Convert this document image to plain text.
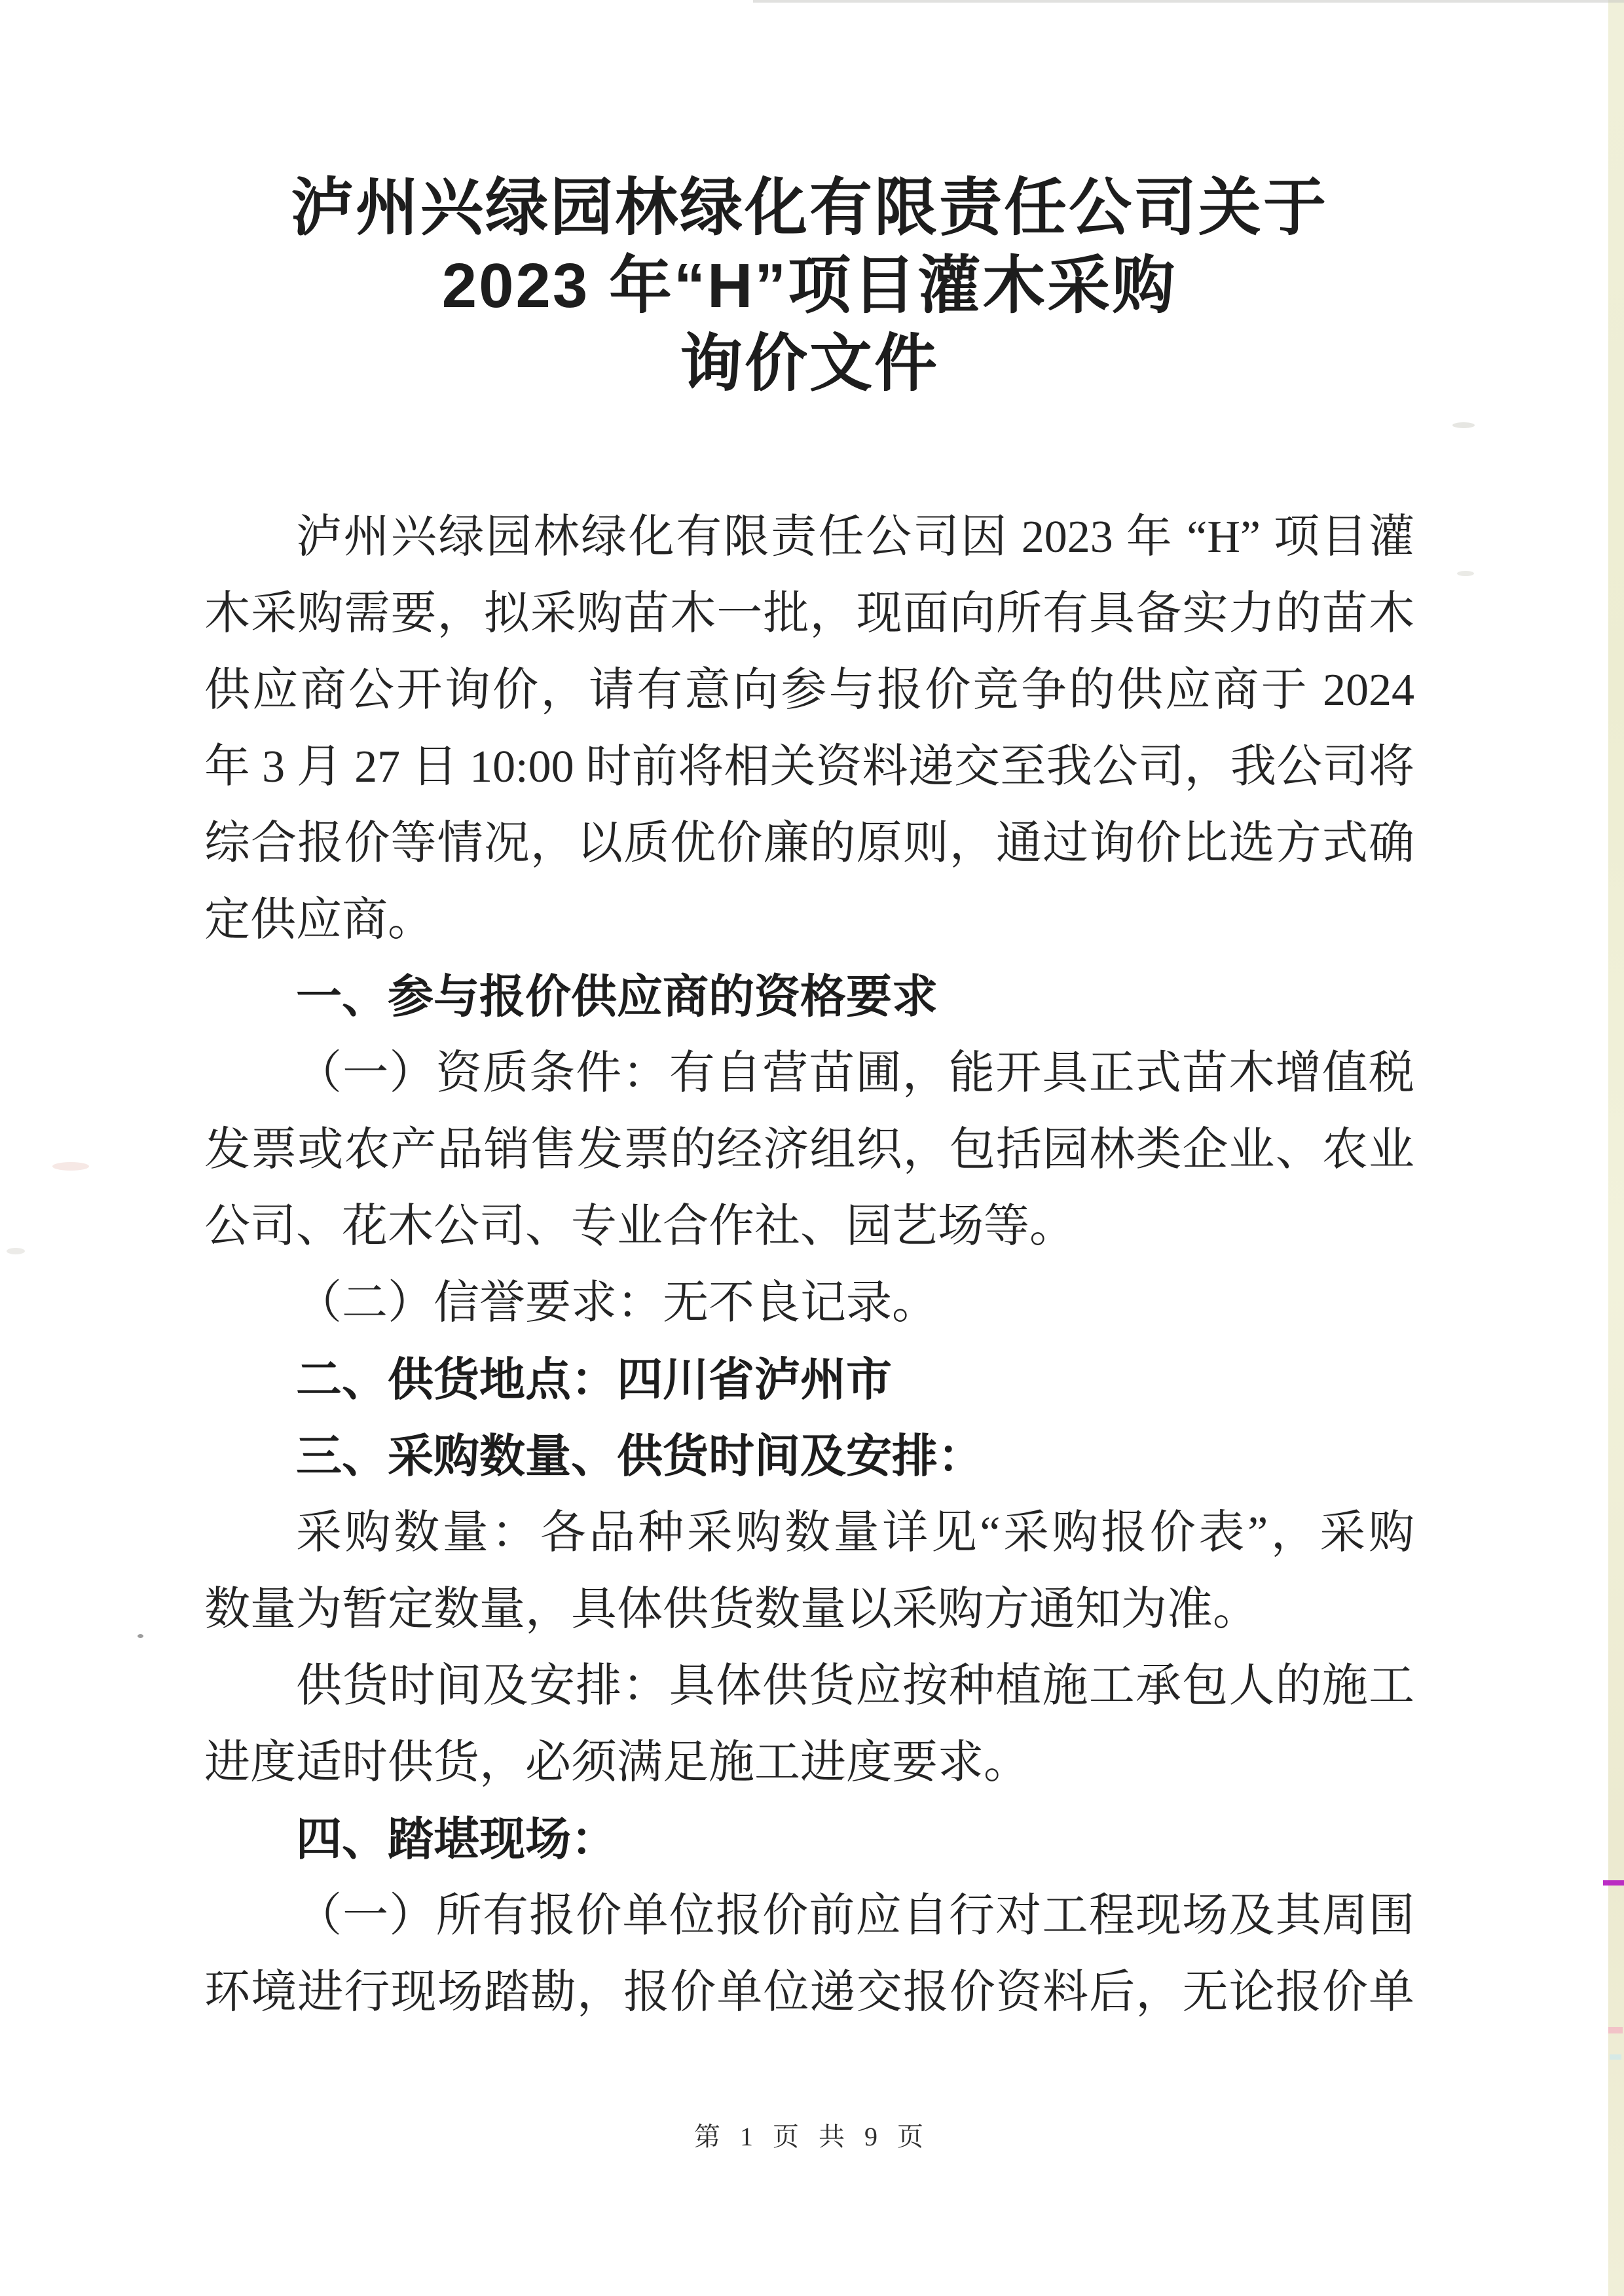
泸州兴绿园林绿化有限责任公司关于
2023 年“H”项目灌木采购
询价文件
泸州兴绿园林绿化有限责任公司因 2023 年 “H” 项目灌
木采购需要，拟采购苗木一批，现面向所有具备实力的苗木
供应商公开询价，请有意向参与报价竞争的供应商于 2024
年 3 月 27 日 10:00 时前将相关资料递交至我公司，我公司将
综合报价等情况，以质优价廉的原则，通过询价比选方式确
定供应商。
一、参与报价供应商的资格要求
（一）资质条件：有自营苗圃，能开具正式苗木增值税
发票或农产品销售发票的经济组织，包括园林类企业、农业
公司、花木公司、专业合作社、园艺场等。
（二）信誉要求：无不良记录。
二、供货地点：四川省泸州市
三、采购数量、供货时间及安排：
采购数量：各品种采购数量详见“采购报价表”，采购
数量为暂定数量，具体供货数量以采购方通知为准。
供货时间及安排：具体供货应按种植施工承包人的施工
进度适时供货，必须满足施工进度要求。
四、踏堪现场：
（一）所有报价单位报价前应自行对工程现场及其周围
环境进行现场踏勘，报价单位递交报价资料后，无论报价单
第 1 页 共 9 页
